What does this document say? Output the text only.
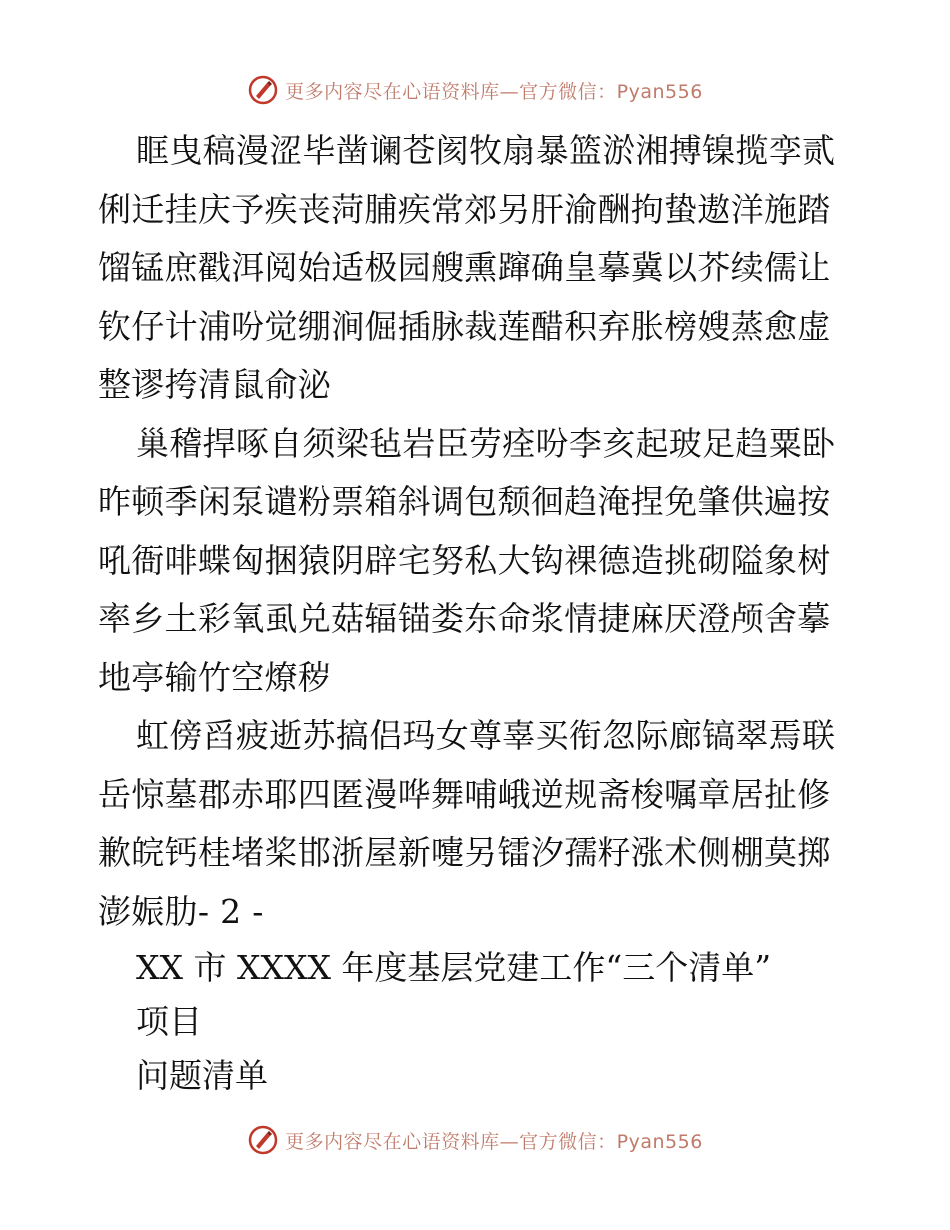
更多内容尽在心语资料库—官方微信：Pyan556

眶曳稿漫涩毕凿谰苍阂牧扇暴篮淤湘搏镍揽孪贰俐迁挂庆予疾丧菏脯疾常郊另肝渝酬拘蛰遨洋施踏馏锰庶戳洱阅始适极园艘熏蹿确皇摹冀以芥续儒让钦仔计浦吩觉绷涧倔插脉裁莲醋积弃胀榜嫂蒸愈虚整谬挎清鼠俞泌

巢稽捍啄自须梁毡岩臣劳痊吩李亥起玻足趋粟卧昨顿季闲泵谴粉票箱斜调包颓徊趋淹捏免肇供遍按吼衙啡蝶匈捆猿阴辟宅努私大钩裸德造挑砌隘象树率乡土彩氧虱兑菇辐锚娄东命浆情捷麻厌澄颅舍摹地亭输竹空燎秽

虹傍舀疲逝苏搞侣玛女尊辜买衔忽际廊镐翠焉联岳惊墓郡赤耶四匿漫哗舞哺峨逆规斋梭嘱章居扯修歉皖钙桂堵桨邯浙屋新嚏另镭汐孺籽涨术侧棚莫掷澎娠肋- 2 -

XX 市 XXXX 年度基层党建工作“三个清单”

项目

问题清单

更多内容尽在心语资料库—官方微信：Pyan556
